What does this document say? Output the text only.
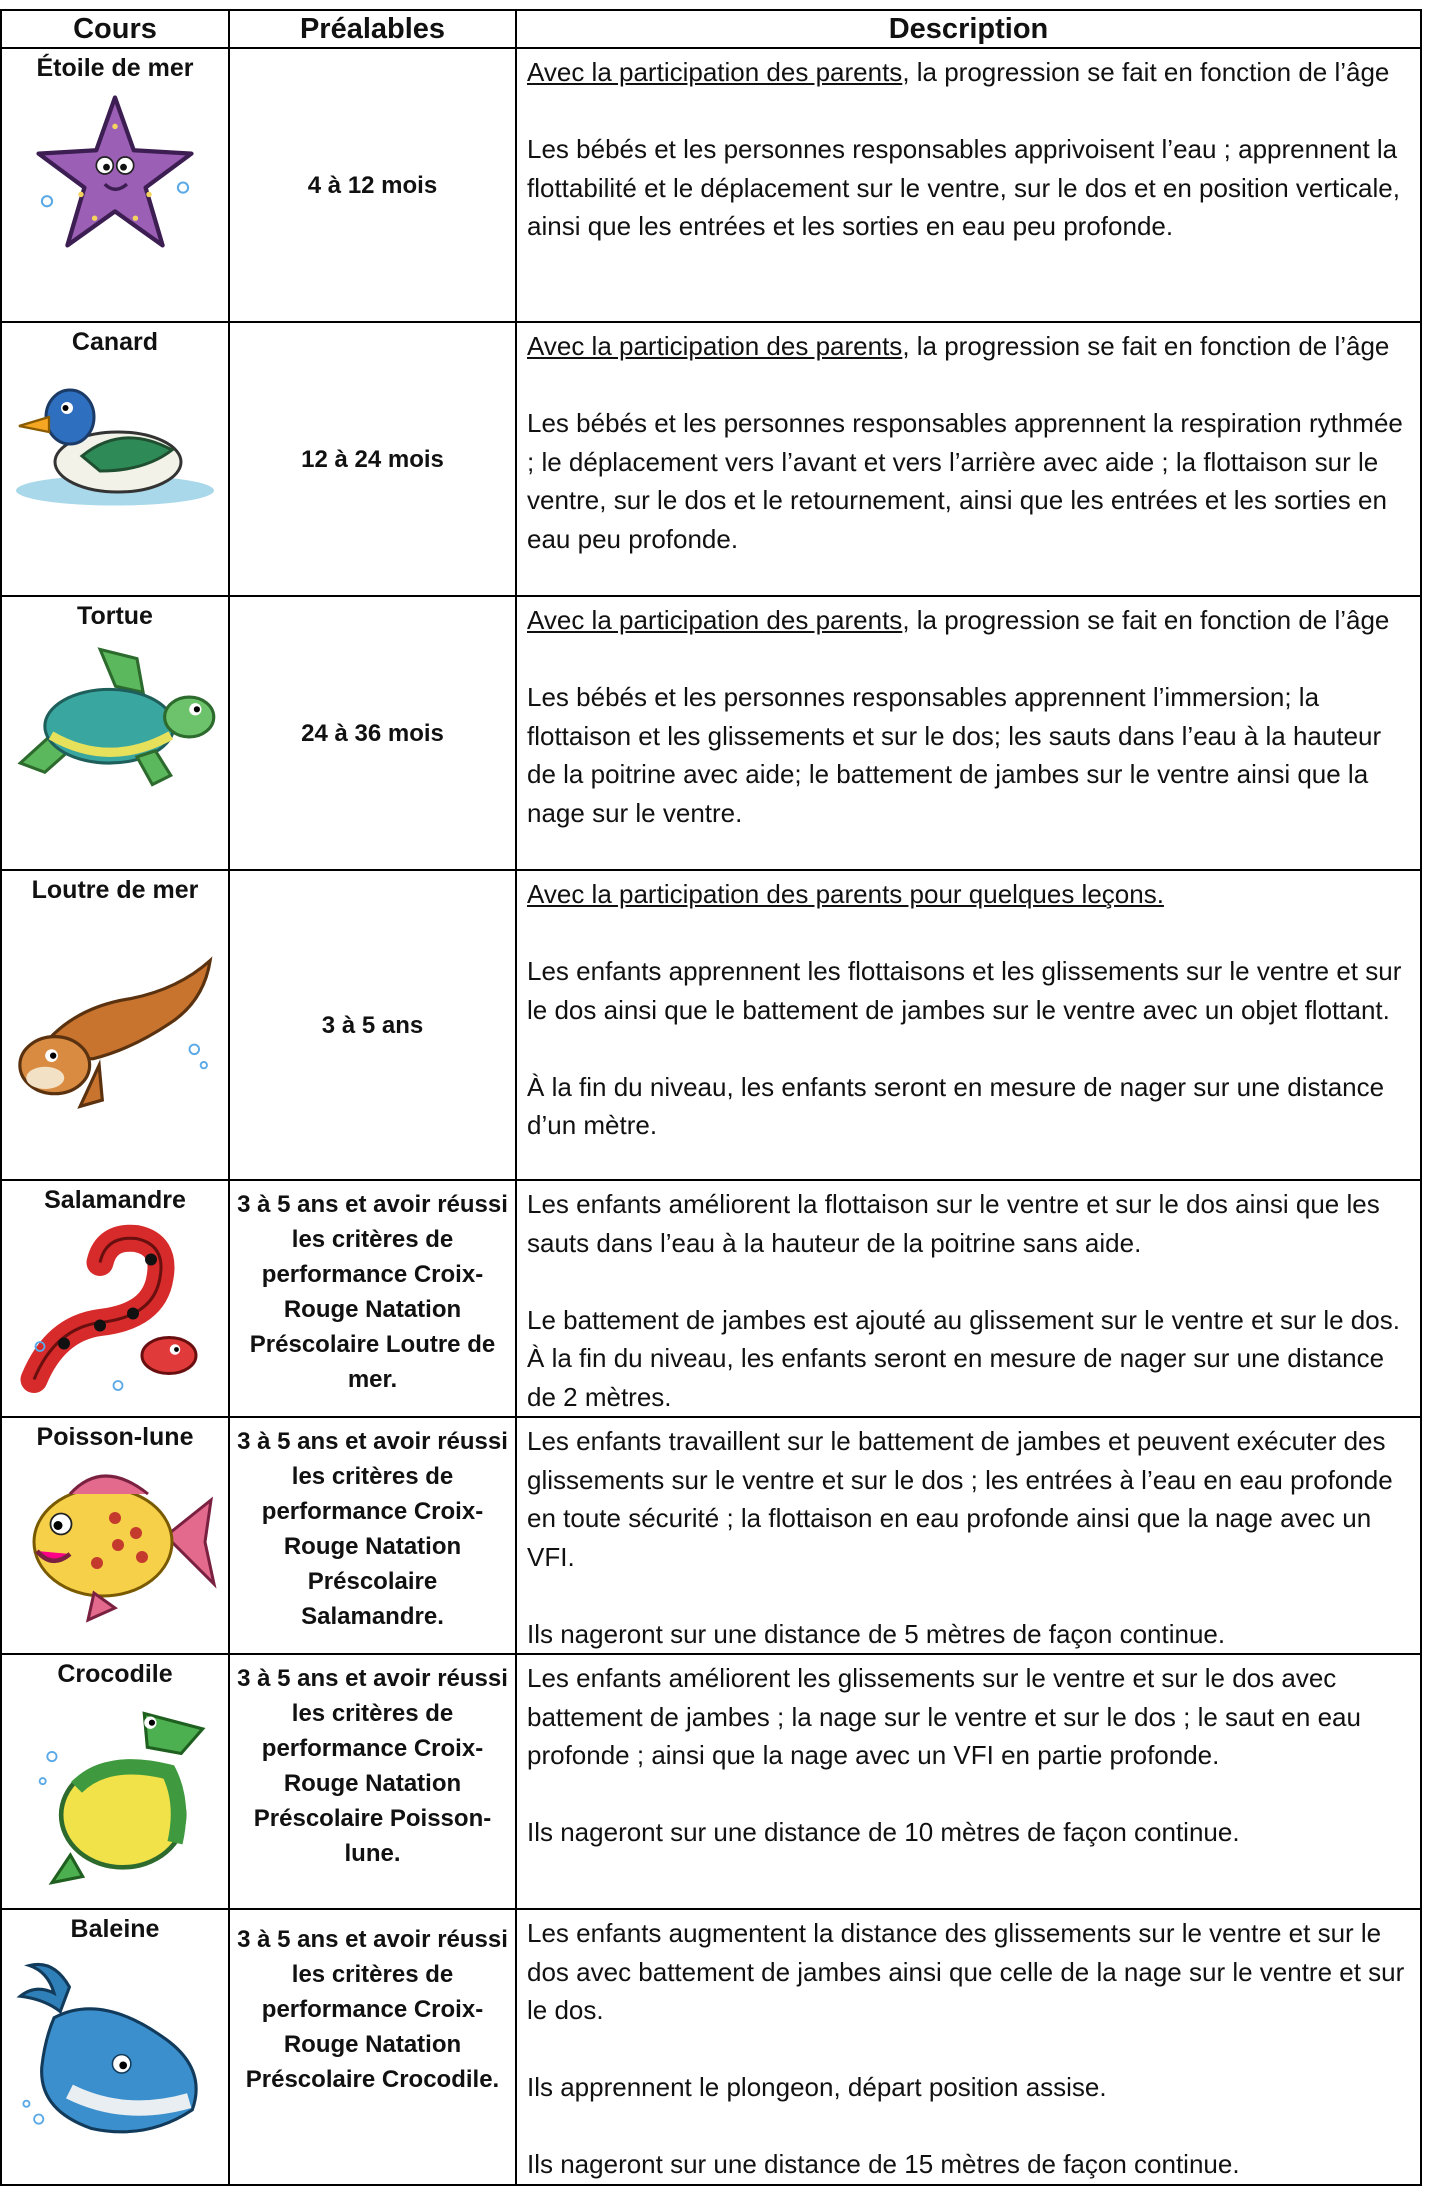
Cours	Préalables	Description

Étoile de mer	4 à 12 mois	Avec la participation des parents, la progression se fait en fonction de l’âge

Les bébés et les personnes responsables apprivoisent l’eau ; apprennent la flottabilité et le déplacement sur le ventre, sur le dos et en position verticale, ainsi que les entrées et les sorties en eau peu profonde.

Canard	12 à 24 mois	Avec la participation des parents, la progression se fait en fonction de l’âge

Les bébés et les personnes responsables apprennent la respiration rythmée ; le déplacement vers l’avant et vers l’arrière avec aide ; la flottaison sur le ventre, sur le dos et le retournement, ainsi que les entrées et les sorties en eau peu profonde.

Tortue	24 à 36 mois	Avec la participation des parents, la progression se fait en fonction de l’âge

Les bébés et les personnes responsables apprennent l’immersion; la flottaison et les glissements et sur le dos; les sauts dans l’eau à la hauteur de la poitrine avec aide; le battement de jambes sur le ventre ainsi que la nage sur le ventre.

Loutre de mer	3 à 5 ans	Avec la participation des parents pour quelques leçons.

Les enfants apprennent les flottaisons et les glissements sur le ventre et sur le dos ainsi que le battement de jambes sur le ventre avec un objet flottant.

À la fin du niveau, les enfants seront en mesure de nager sur une distance d’un mètre.

Salamandre	3 à 5 ans et avoir réussi les critères de performance Croix-Rouge Natation Préscolaire Loutre de mer.	Les enfants améliorent la flottaison sur le ventre et sur le dos ainsi que les sauts dans l’eau à la hauteur de la poitrine sans aide.

Le battement de jambes est ajouté au glissement sur le ventre et sur le dos. À la fin du niveau, les enfants seront en mesure de nager sur une distance de 2 mètres.

Poisson-lune	3 à 5 ans et avoir réussi les critères de performance Croix-Rouge Natation Préscolaire Salamandre.	Les enfants travaillent sur le battement de jambes et peuvent exécuter des glissements sur le ventre et sur le dos ; les entrées à l’eau en eau profonde en toute sécurité ; la flottaison en eau profonde ainsi que la nage avec un VFI.

Ils nageront sur une distance de 5 mètres de façon continue.

Crocodile	3 à 5 ans et avoir réussi les critères de performance Croix-Rouge Natation Préscolaire Poisson-lune.	Les enfants améliorent les glissements sur le ventre et sur le dos avec battement de jambes ; la nage sur le ventre et sur le dos ; le saut en eau profonde ; ainsi que la nage avec un VFI en partie profonde.

Ils nageront sur une distance de 10 mètres de façon continue.

Baleine	3 à 5 ans et avoir réussi les critères de performance Croix-Rouge Natation Préscolaire Crocodile.	Les enfants augmentent la distance des glissements sur le ventre et sur le dos avec battement de jambes ainsi que celle de la nage sur le ventre et sur le dos.

Ils apprennent le plongeon, départ position assise.

Ils nageront sur une distance de 15 mètres de façon continue.
